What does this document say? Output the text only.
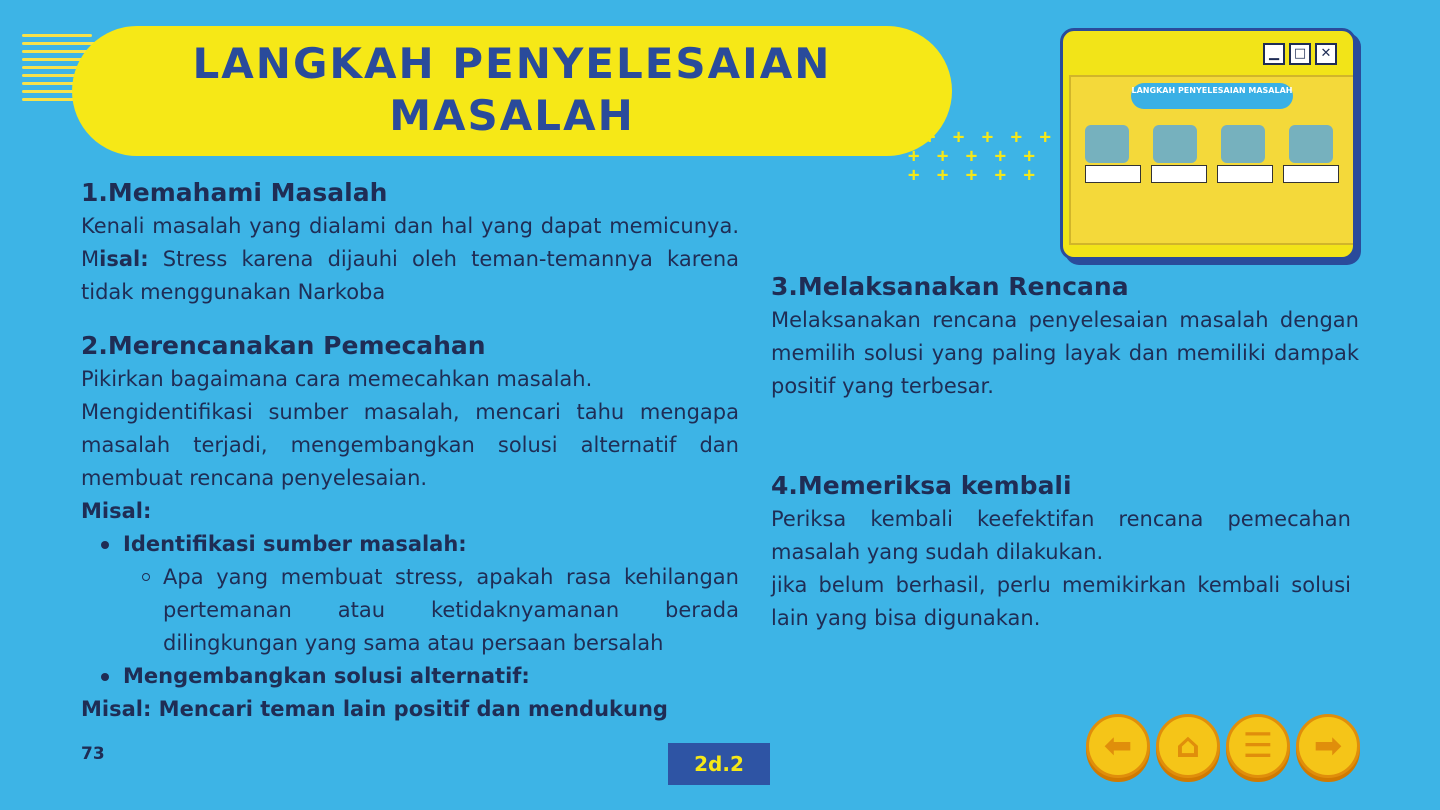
LANGKAH PENYELESAIAN
MASALAH	+ + + + +
+ + + + +
+ + + + +
▁	□	✕
LANGKAH PENYELESAIAN MASALAH
1.Memahami Masalah

Kenali masalah yang dialami dan hal yang dapat memicunya. Misal: Stress karena dijauhi oleh teman-temannya karena tidak menggunakan Narkoba

2.Merencanakan Pemecahan

Pikirkan bagaimana cara memecahkan masalah.

Mengidentifikasi sumber masalah, mencari tahu mengapa masalah terjadi, mengembangkan solusi alternatif dan membuat rencana penyelesaian.

Misal:

Identifikasi sumber masalah:
Apa yang membuat stress, apakah rasa kehilangan pertemanan atau ketidaknyamanan berada dilingkungan yang sama atau persaan bersalah
Mengembangkan solusi alternatif:

Misal: Mencari teman lain positif dan mendukung

3.Melaksanakan Rencana

Melaksanakan rencana penyelesaian masalah dengan memilih solusi yang paling layak dan memiliki dampak positif yang terbesar.

4.Memeriksa kembali

Periksa kembali keefektifan rencana pemecahan masalah yang sudah dilakukan.

jika belum berhasil, perlu memikirkan kembali solusi lain yang bisa digunakan.

73	2d.2	⬅ ⌂ ☰ ➡
